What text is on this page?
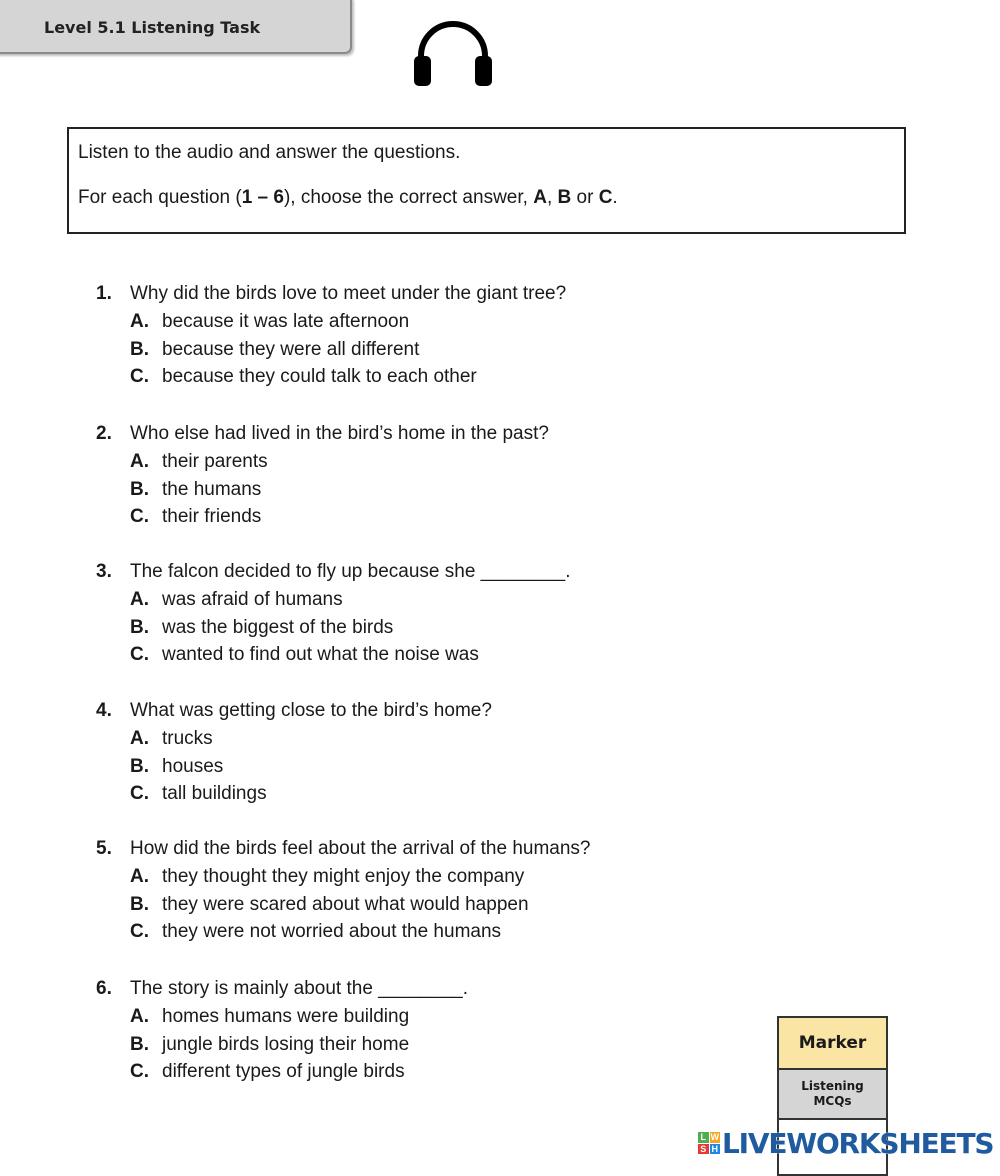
Level 5.1 Listening Task

Listen to the audio and answer the questions.

For each question (1 – 6), choose the correct answer, A, B or C.

1. Why did the birds love to meet under the giant tree?
A. because it was late afternoon
B. because they were all different
C. because they could talk to each other
2. Who else had lived in the bird’s home in the past?
A. their parents
B. the humans
C. their friends
3. The falcon decided to fly up because she ________.
A. was afraid of humans
B. was the biggest of the birds
C. wanted to find out what the noise was
4. What was getting close to the bird’s home?
A. trucks
B. houses
C. tall buildings
5. How did the birds feel about the arrival of the humans?
A. they thought they might enjoy the company
B. they were scared about what would happen
C. they were not worried about the humans
6. The story is mainly about the ________.
A. homes humans were building
B. jungle birds losing their home
C. different types of jungle birds
Marker
Listening
MCQs
L W
S H LIVEWORKSHEETS
